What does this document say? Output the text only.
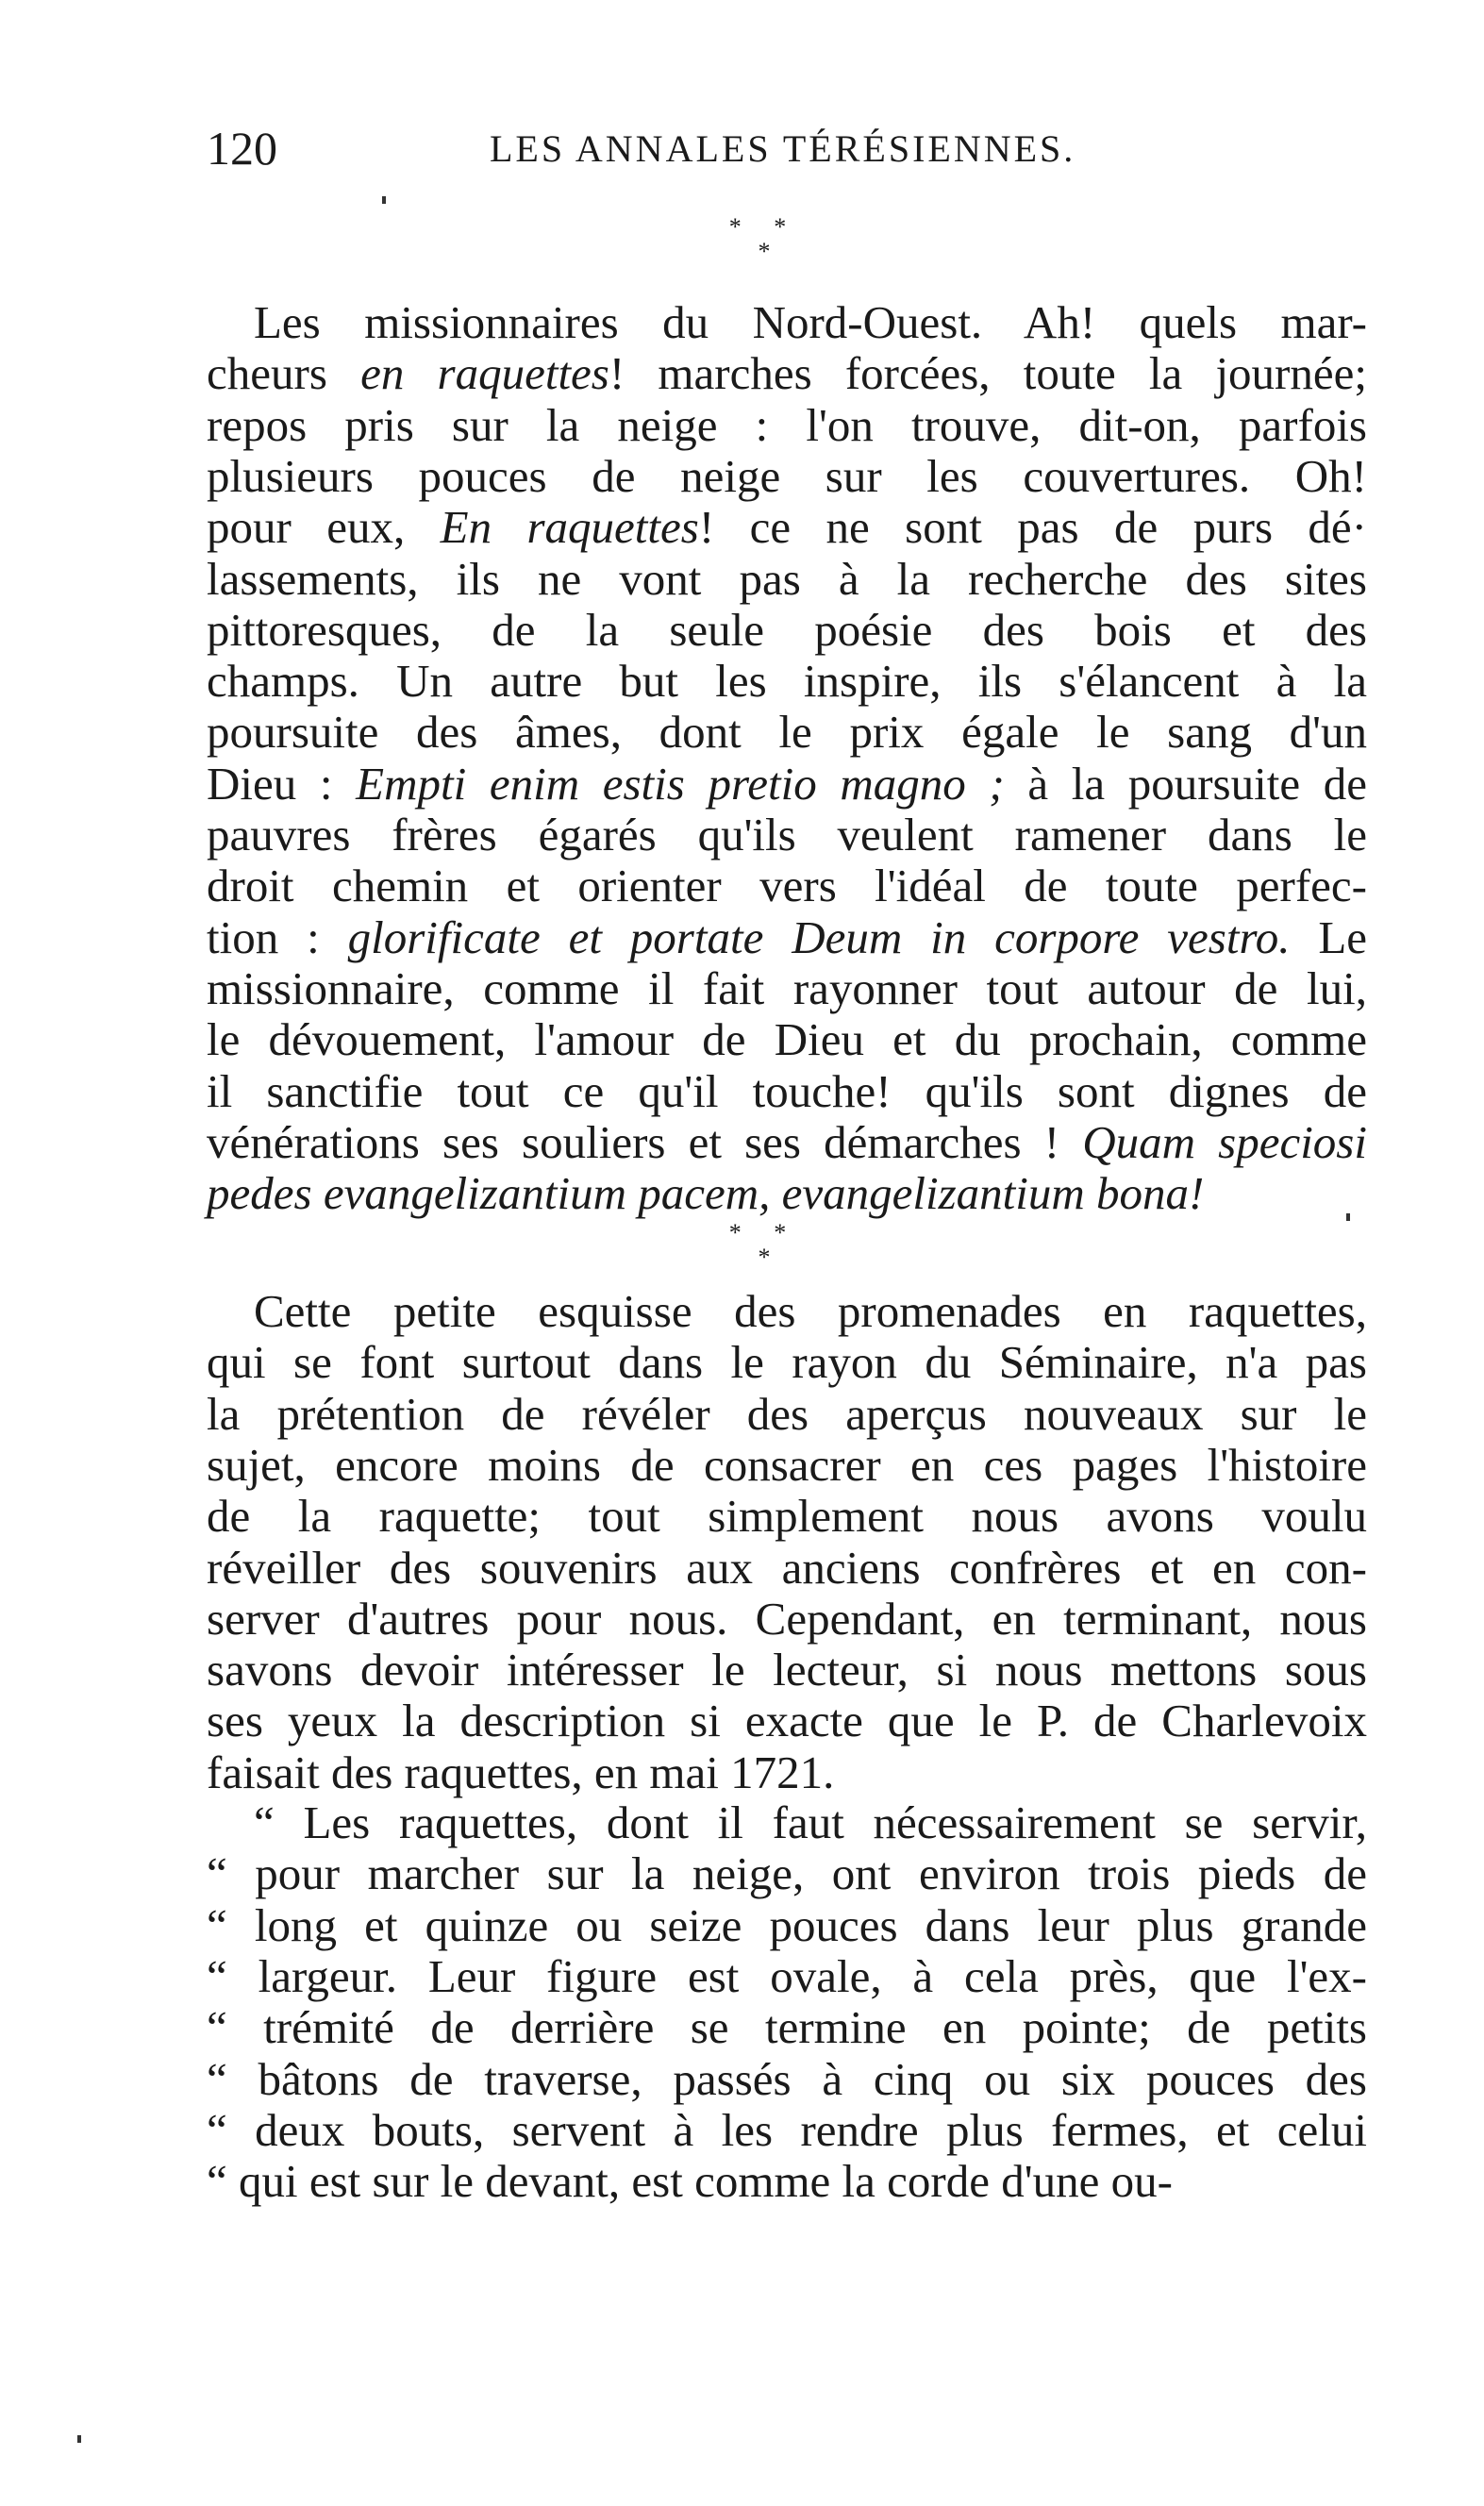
120	LES ANNALES TÉRÉSIENNES.
* *
*
Les missionnaires du Nord-Ouest. Ah! quels mar-
cheurs en raquettes! marches forcées, toute la journée;
repos pris sur la neige : l'on trouve, dit-on, parfois
plusieurs pouces de neige sur les couvertures. Oh!
pour eux, En raquettes! ce ne sont pas de purs dé·
lassements, ils ne vont pas à la recherche des sites
pittoresques, de la seule poésie des bois et des
champs. Un autre but les inspire, ils s'élancent à la
poursuite des âmes, dont le prix égale le sang d'un
Dieu : Empti enim estis pretio magno ; à la poursuite de
pauvres frères égarés qu'ils veulent ramener dans le
droit chemin et orienter vers l'idéal de toute perfec-
tion : glorificate et portate Deum in corpore vestro. Le
missionnaire, comme il fait rayonner tout autour de lui,
le dévouement, l'amour de Dieu et du prochain, comme
il sanctifie tout ce qu'il touche! qu'ils sont dignes de
vénérations ses souliers et ses démarches ! Quam speciosi
pedes evangelizantium pacem, evangelizantium bona!
* *
*
Cette petite esquisse des promenades en raquettes,
qui se font surtout dans le rayon du Séminaire, n'a pas
la prétention de révéler des aperçus nouveaux sur le
sujet, encore moins de consacrer en ces pages l'histoire
de la raquette; tout simplement nous avons voulu
réveiller des souvenirs aux anciens confrères et en con-
server d'autres pour nous. Cependant, en terminant, nous
savons devoir intéresser le lecteur, si nous mettons sous
ses yeux la description si exacte que le P. de Charlevoix
faisait des raquettes, en mai 1721.
“ Les raquettes, dont il faut nécessairement se servir,
“ pour marcher sur la neige, ont environ trois pieds de
“ long et quinze ou seize pouces dans leur plus grande
“ largeur. Leur figure est ovale, à cela près, que l'ex-
“ trémité de derrière se termine en pointe; de petits
“ bâtons de traverse, passés à cinq ou six pouces des
“ deux bouts, servent à les rendre plus fermes, et celui
“ qui est sur le devant, est comme la corde d'une ou-
